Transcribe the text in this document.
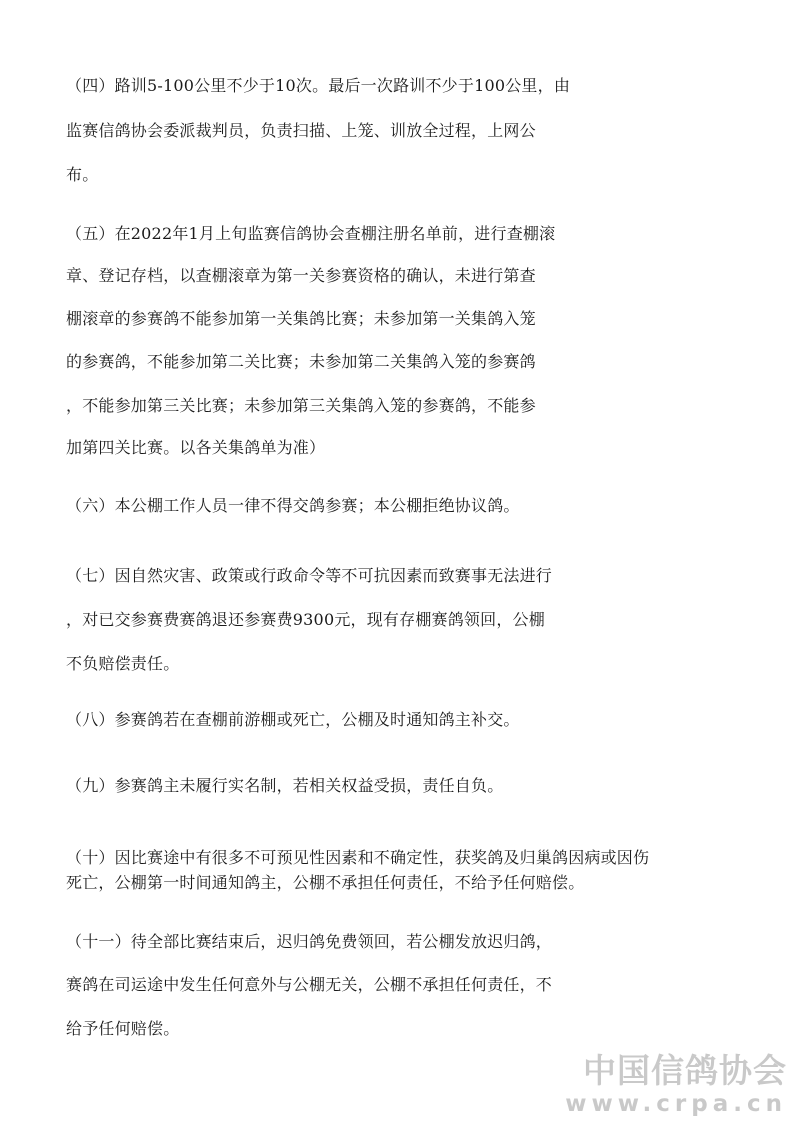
（四）路训5-100公里不少于10次。最后一次路训不少于100公里，由
监赛信鸽协会委派裁判员，负责扫描、上笼、训放全过程，上网公
布。
（五）在2022年1月上旬监赛信鸽协会查棚注册名单前，进行查棚滚
章、登记存档，以查棚滚章为第一关参赛资格的确认，未进行第查
棚滚章的参赛鸽不能参加第一关集鸽比赛；未参加第一关集鸽入笼
的参赛鸽，不能参加第二关比赛；未参加第二关集鸽入笼的参赛鸽
，不能参加第三关比赛；未参加第三关集鸽入笼的参赛鸽，不能参
加第四关比赛。以各关集鸽单为准）
（六）本公棚工作人员一律不得交鸽参赛；本公棚拒绝协议鸽。
（七）因自然灾害、政策或行政命令等不可抗因素而致赛事无法进行
，对已交参赛费赛鸽退还参赛费9300元，现有存棚赛鸽领回，公棚
不负赔偿责任。
（八）参赛鸽若在查棚前游棚或死亡，公棚及时通知鸽主补交。
（九）参赛鸽主未履行实名制，若相关权益受损，责任自负。
（十）因比赛途中有很多不可预见性因素和不确定性，获奖鸽及归巢鸽因病或因伤
死亡，公棚第一时间通知鸽主，公棚不承担任何责任，不给予任何赔偿。
（十一）待全部比赛结束后，迟归鸽免费领回，若公棚发放迟归鸽，
赛鸽在司运途中发生任何意外与公棚无关，公棚不承担任何责任，不
给予任何赔偿。
中国信鸽协会
www.crpa.cn
